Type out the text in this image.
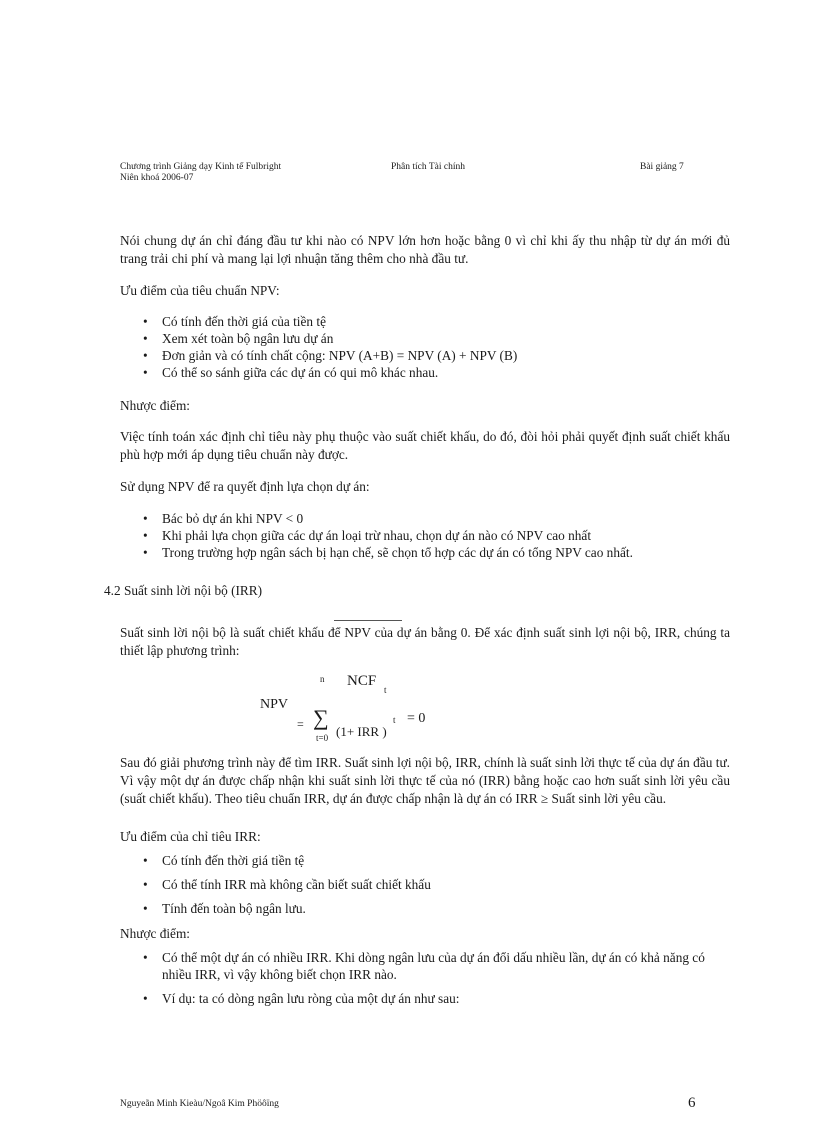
Chương trình Giảng dạy Kinh tế Fulbright
Niên khoá 2006-07
Phân tích Tài chính	Bài giảng 7

Nói chung dự án chỉ đáng đầu tư khi nào có NPV lớn hơn hoặc bằng 0 vì chỉ khi ấy thu nhập từ dự án mới đủ trang trải chi phí và mang lại lợi nhuận tăng thêm cho nhà đầu tư.

Ưu điểm của tiêu chuẩn NPV:

• Có tính đến thời giá của tiền tệ
• Xem xét toàn bộ ngân lưu dự án
• Đơn giản và có tính chất cộng: NPV (A+B) = NPV (A) + NPV (B)
• Có thể so sánh giữa các dự án có qui mô khác nhau.

Nhược điểm:

Việc tính toán xác định chỉ tiêu này phụ thuộc vào suất chiết khấu, do đó, đòi hỏi phải quyết định suất chiết khấu phù hợp mới áp dụng tiêu chuẩn này được.

Sử dụng NPV để ra quyết định lựa chọn dự án:

• Bác bỏ dự án khi NPV < 0
• Khi phải lựa chọn giữa các dự án loại trừ nhau, chọn dự án nào có NPV cao nhất
• Trong trường hợp ngân sách bị hạn chế, sẽ chọn tổ hợp các dự án có tổng NPV cao nhất.
4.2 Suất sinh lời nội bộ (IRR)

Suất sinh lời nội bộ là suất chiết khấu để NPV của dự án bằng 0. Để xác định suất sinh lợi nội bộ, IRR, chúng ta thiết lập phương trình:

n NCF
t
NPV
= ∑
t=0 (1+ IRR )
t = 0

Sau đó giải phương trình này để tìm IRR. Suất sinh lợi nội bộ, IRR, chính là suất sinh lời thực tế của dự án đầu tư. Vì vậy một dự án được chấp nhận khi suất sinh lời thực tế của nó (IRR) bằng hoặc cao hơn suất sinh lời yêu cầu (suất chiết khấu). Theo tiêu chuẩn IRR, dự án được chấp nhận là dự án có IRR ≥ Suất sinh lời yêu cầu.

Ưu điểm của chỉ tiêu IRR:

• Có tính đến thời giá tiền tệ
• Có thể tính IRR mà không cần biết suất chiết khấu
• Tính đến toàn bộ ngân lưu.

Nhược điểm:

• Có thể một dự án có nhiều IRR. Khi dòng ngân lưu của dự án đổi dấu nhiều lần, dự án có khả năng có nhiều IRR, vì vậy không biết chọn IRR nào.
• Ví dụ: ta có dòng ngân lưu ròng của một dự án như sau:
Nguyeãn Minh Kieàu/Ngoâ Kim Phöôïng	6
